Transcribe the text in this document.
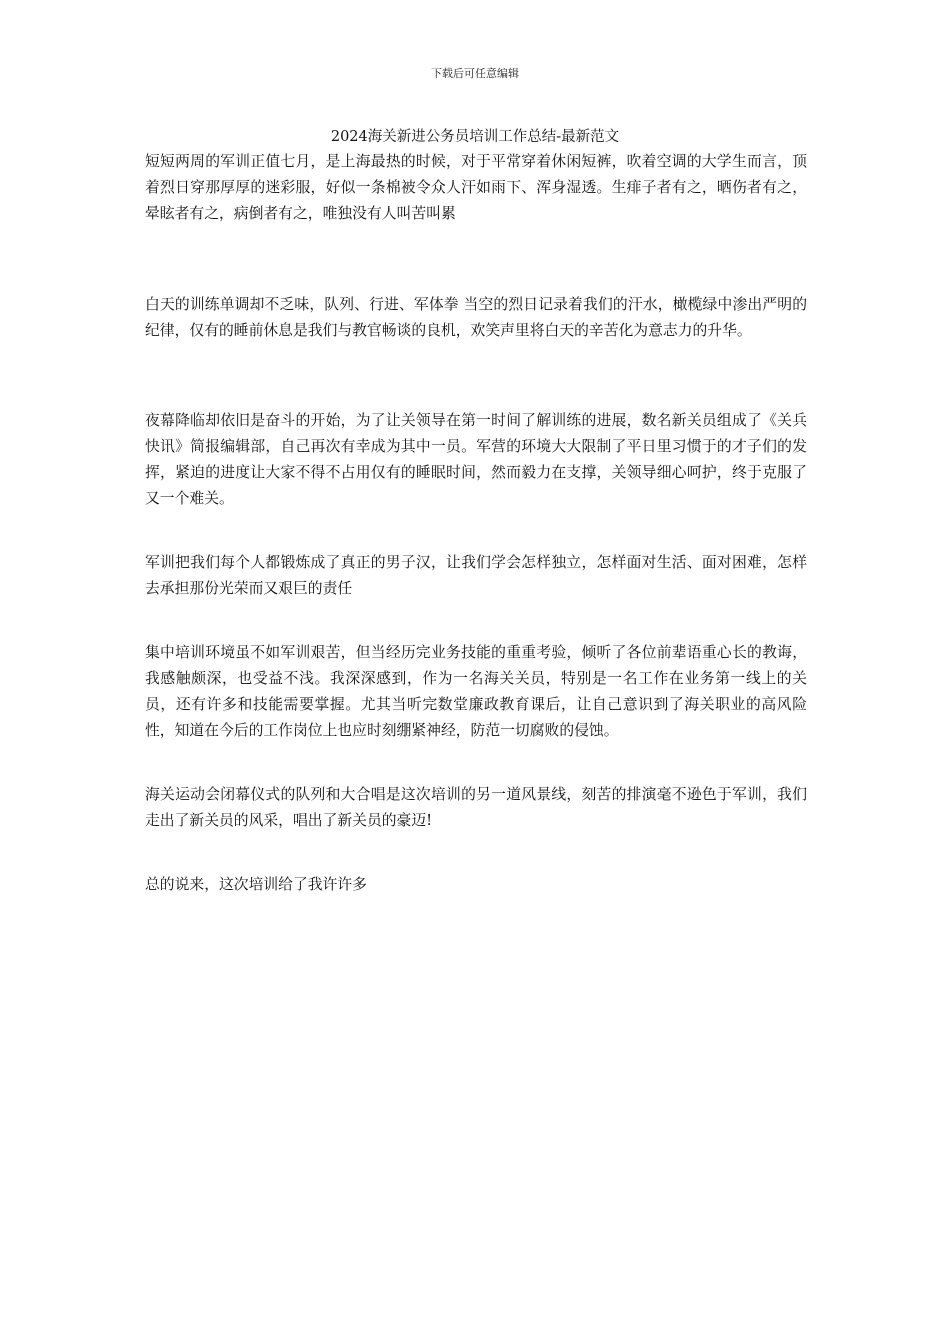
下载后可任意编辑
2024海关新进公务员培训工作总结-最新范文

短短两周的军训正值七月，是上海最热的时候，对于平常穿着休闲短裤，吹着空调的大学生而言，顶着烈日穿那厚厚的迷彩服，好似一条棉被令众人汗如雨下、浑身湿透。生痱子者有之，晒伤者有之，晕眩者有之，病倒者有之，唯独没有人叫苦叫累

白天的训练单调却不乏味，队列、行进、军体拳 当空的烈日记录着我们的汗水，橄榄绿中渗出严明的纪律，仅有的睡前休息是我们与教官畅谈的良机，欢笑声里将白天的辛苦化为意志力的升华。

夜幕降临却依旧是奋斗的开始，为了让关领导在第一时间了解训练的进展，数名新关员组成了《关兵快讯》简报编辑部，自己再次有幸成为其中一员。军营的环境大大限制了平日里习惯于的才子们的发挥，紧迫的进度让大家不得不占用仅有的睡眠时间，然而毅力在支撑，关领导细心呵护，终于克服了又一个难关。

军训把我们每个人都锻炼成了真正的男子汉，让我们学会怎样独立，怎样面对生活、面对困难，怎样去承担那份光荣而又艰巨的责任

集中培训环境虽不如军训艰苦，但当经历完业务技能的重重考验，倾听了各位前辈语重心长的教诲，我感触颇深，也受益不浅。我深深感到，作为一名海关关员，特别是一名工作在业务第一线上的关员，还有许多和技能需要掌握。尤其当听完数堂廉政教育课后，让自己意识到了海关职业的高风险性，知道在今后的工作岗位上也应时刻绷紧神经，防范一切腐败的侵蚀。

海关运动会闭幕仪式的队列和大合唱是这次培训的另一道风景线，刻苦的排演毫不逊色于军训，我们走出了新关员的风采，唱出了新关员的豪迈!

总的说来，这次培训给了我许许多
